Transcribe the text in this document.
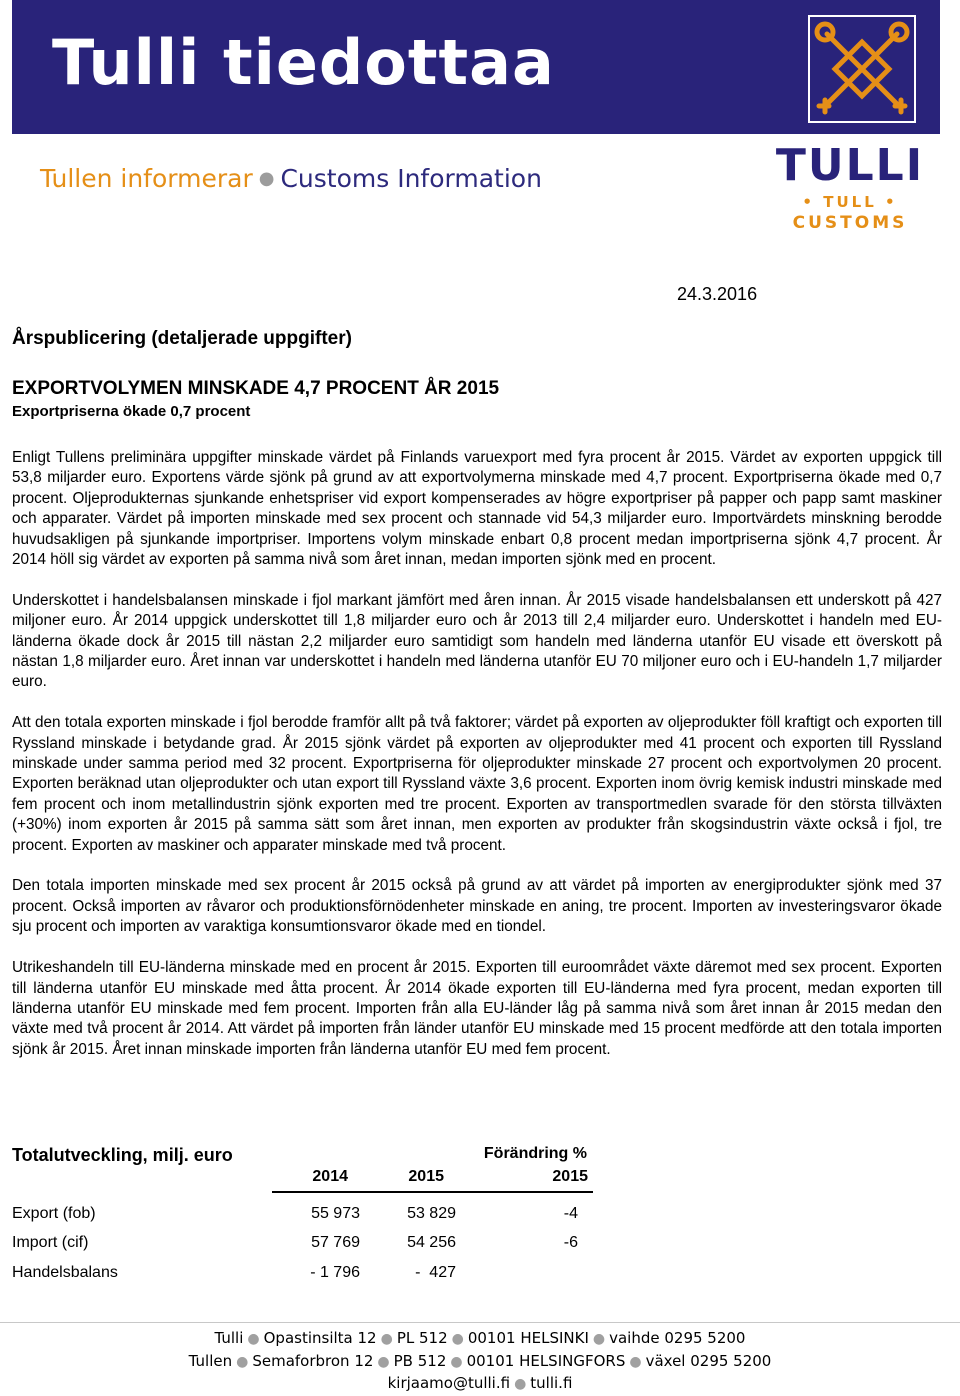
Tulli tiedottaa
Tullen informerar ● Customs Information	TULLI
• TULL •
CUSTOMS
24.3.2016
Årspublicering (detaljerade uppgifter)
EXPORTVOLYMEN MINSKADE 4,7 PROCENT ÅR 2015
Exportpriserna ökade 0,7 procent

Enligt Tullens preliminära uppgifter minskade värdet på Finlands varuexport med fyra procent år 2015. Värdet av exporten uppgick till 53,8 miljarder euro. Exportens värde sjönk på grund av att exportvolymerna minskade med 4,7 procent. Exportpriserna ökade med 0,7 procent. Oljeprodukternas sjunkande enhetspriser vid export kompenserades av högre exportpriser på papper och papp samt maskiner och apparater. Värdet på importen minskade med sex procent och stannade vid 54,3 miljarder euro. Importvärdets minskning berodde huvudsakligen på sjunkande importpriser. Importens volym minskade enbart 0,8 procent medan importpriserna sjönk 4,7 procent. År 2014 höll sig värdet av exporten på samma nivå som året innan, medan importen sjönk med en procent.

Underskottet i handelsbalansen minskade i fjol markant jämfört med åren innan. År 2015 visade handelsbalansen ett underskott på 427 miljoner euro. År 2014 uppgick underskottet till 1,8 miljarder euro och år 2013 till 2,4 miljarder euro. Underskottet i handeln med EU-länderna ökade dock år 2015 till nästan 2,2 miljarder euro samtidigt som handeln med länderna utanför EU visade ett överskott på nästan 1,8 miljarder euro. Året innan var underskottet i handeln med länderna utanför EU 70 miljoner euro och i EU-handeln 1,7 miljarder euro.

Att den totala exporten minskade i fjol berodde framför allt på två faktorer; värdet på exporten av oljeprodukter föll kraftigt och exporten till Ryssland minskade i betydande grad. År 2015 sjönk värdet på exporten av oljeprodukter med 41 procent och exporten till Ryssland minskade under samma period med 32 procent. Exportpriserna för oljeprodukter minskade 27 procent och exportvolymen 20 procent. Exporten beräknad utan oljeprodukter och utan export till Ryssland växte 3,6 procent. Exporten inom övrig kemisk industri minskade med fem procent och inom metallindustrin sjönk exporten med tre procent. Exporten av transportmedlen svarade för den största tillväxten (+30%) inom exporten år 2015 på samma sätt som året innan, men exporten av produkter från skogsindustrin växte också i fjol, tre procent. Exporten av maskiner och apparater minskade med två procent.

Den totala importen minskade med sex procent år 2015 också på grund av att värdet på importen av energiprodukter sjönk med 37 procent. Också importen av råvaror och produktionsförnödenheter minskade en aning, tre procent. Importen av investeringsvaror ökade sju procent och importen av varaktiga konsumtionsvaror ökade med en tiondel.

Utrikeshandeln till EU-länderna minskade med en procent år 2015. Exporten till euroområdet växte däremot med sex procent. Exporten till länderna utanför EU minskade med åtta procent. År 2014 ökade exporten till EU-länderna med fyra procent, medan exporten till länderna utanför EU minskade med fem procent. Importen från alla EU-länder låg på samma nivå som året innan år 2015 medan den växte med två procent år 2014. Att värdet på importen från länder utanför EU minskade med 15 procent medförde att den totala importen sjönk år 2015. Året innan minskade importen från länderna utanför EU med fem procent.

Totalutveckling, milj. euro	Förändring %
2014	2015	2015
Export (fob)	55 973	53 829	-4
Import (cif)	57 769	54 256	-6
Handelsbalans	- 1 796	-  427
Tulli ● Opastinsilta 12 ● PL 512 ● 00101 HELSINKI ● vaihde 0295 5200
Tullen ● Semaforbron 12 ● PB 512 ● 00101 HELSINGFORS ● växel 0295 5200
kirjaamo@tulli.fi ● tulli.fi
